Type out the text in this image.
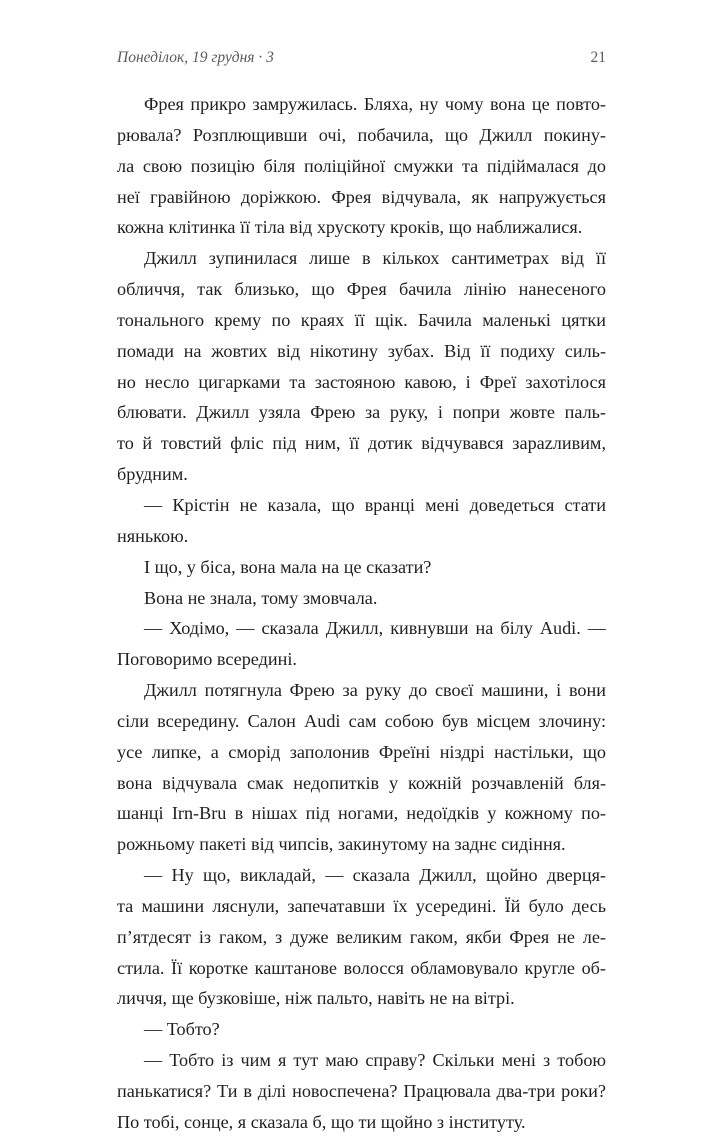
Понеділок, 19 грудня · 3	21

Фрея прикро замружилась. Бляха, ну чому вона це повто-
рювала? Розплющивши очі, побачила, що Джилл покину-
ла свою позицію біля поліційної смужки та підіймалася до
неї гравійною доріжкою. Фрея відчувала, як напружується
кожна клітинка її тіла від хрускоту кроків, що наближалися.

Джилл зупинилася лише в кількох сантиметрах від її
обличчя, так близько, що Фрея бачила лінію нанесеного
тонального крему по краях її щік. Бачила маленькі цятки
помади на жовтих від нікотину зубах. Від її подиху силь-
но несло цигарками та застояною кавою, і Фреї захотілося
блювати. Джилл узяла Фрею за руку, і попри жовте паль-
то й товстий фліс під ним, її дотик відчувався зарazливим,
брудним.

— Крістін не казала, що вранці мені доведеться стати
нянькою.

І що, у біса, вона мала на це сказати?

Вона не знала, тому змовчала.

— Ходімо, — сказала Джилл, кивнувши на білу Audi. —
Поговоримо всередині.

Джилл потягнула Фрею за руку до своєї машини, і вони
сіли всередину. Салон Audi сам собою був місцем злочину:
усе липке, а сморід заполонив Фреїні ніздрі настільки, що
вона відчувала смак недопитків у кожній розчавленій бля-
шанці Irn-Bru в нішах під ногами, недоїдків у кожному по-
рожньому пакеті від чипсів, закинутому на заднє сидіння.

— Ну що, викладай, — сказала Джилл, щойно дверця-
та машини ляснули, запечатавши їх усередині. Їй було десь
п’ятдесят із гаком, з дуже великим гаком, якби Фрея не ле-
стила. Її коротке каштанове волосся обламовувало кругле об-
личчя, ще бузковіше, ніж пальто, навіть не на вітрі.

— Тобто?

— Тобто із чим я тут маю справу? Скільки мені з тобою
панькатися? Ти в ділі новоспечена? Працювала два-три роки?
По тобі, сонце, я сказала б, що ти щойно з інституту.
